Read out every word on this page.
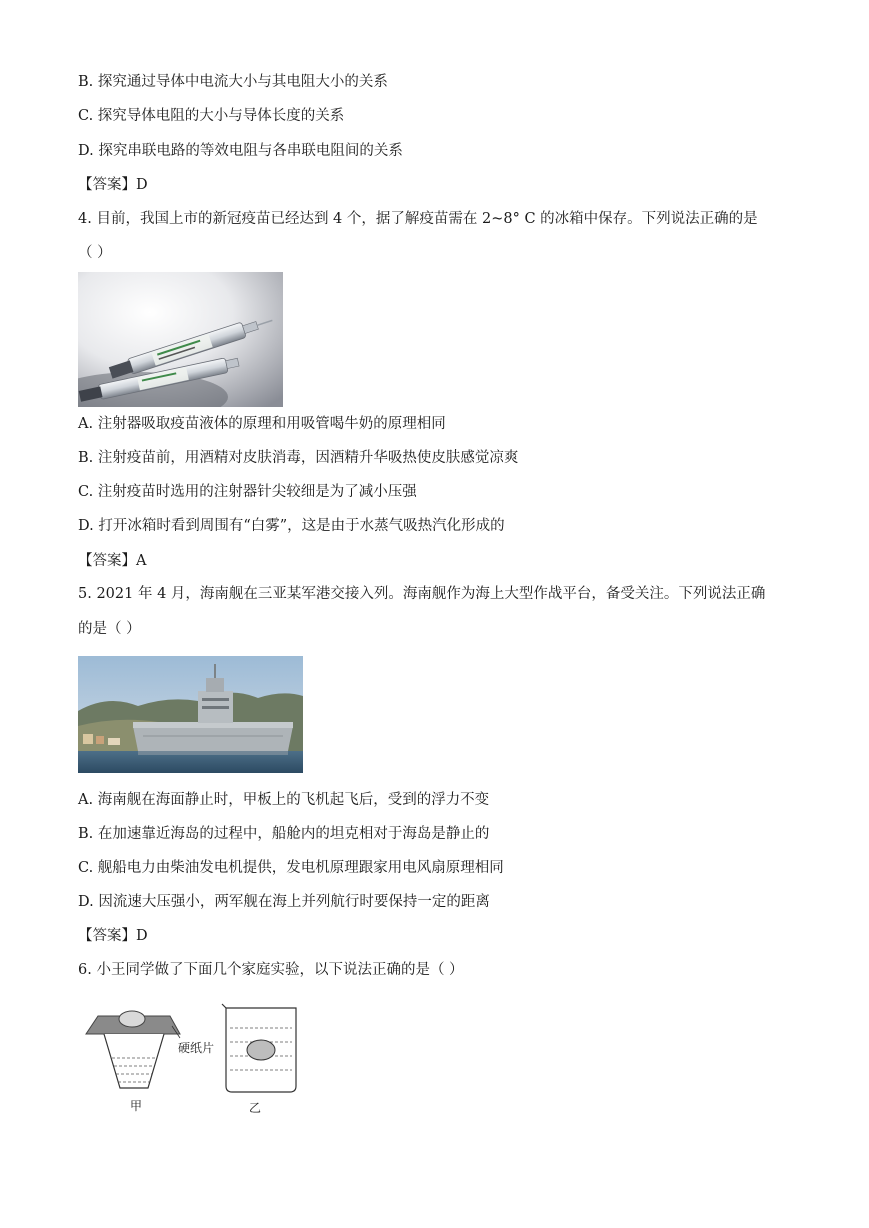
B. 探究通过导体中电流大小与其电阻大小的关系
C. 探究导体电阻的大小与导体长度的关系
D. 探究串联电路的等效电阻与各串联电阻间的关系
【答案】D
4. 目前，我国上市的新冠疫苗已经达到 4 个，据了解疫苗需在 2~8° C 的冰箱中保存。下列说法正确的是
（ ）
A. 注射器吸取疫苗液体的原理和用吸管喝牛奶的原理相同
B. 注射疫苗前，用酒精对皮肤消毒，因酒精升华吸热使皮肤感觉凉爽
C. 注射疫苗时选用的注射器针尖较细是为了减小压强
D. 打开冰箱时看到周围有“白雾”，这是由于水蒸气吸热汽化形成的
【答案】A
5. 2021 年 4 月，海南舰在三亚某军港交接入列。海南舰作为海上大型作战平台，备受关注。下列说法正确
的是（ ）
A. 海南舰在海面静止时，甲板上的飞机起飞后，受到的浮力不变
B. 在加速靠近海岛的过程中，船舱内的坦克相对于海岛是静止的
C. 舰船电力由柴油发电机提供，发电机原理跟家用电风扇原理相同
D. 因流速大压强小，两军舰在海上并列航行时要保持一定的距离
【答案】D
6. 小王同学做了下面几个家庭实验，以下说法正确的是（ ）
硬纸片
甲	乙
